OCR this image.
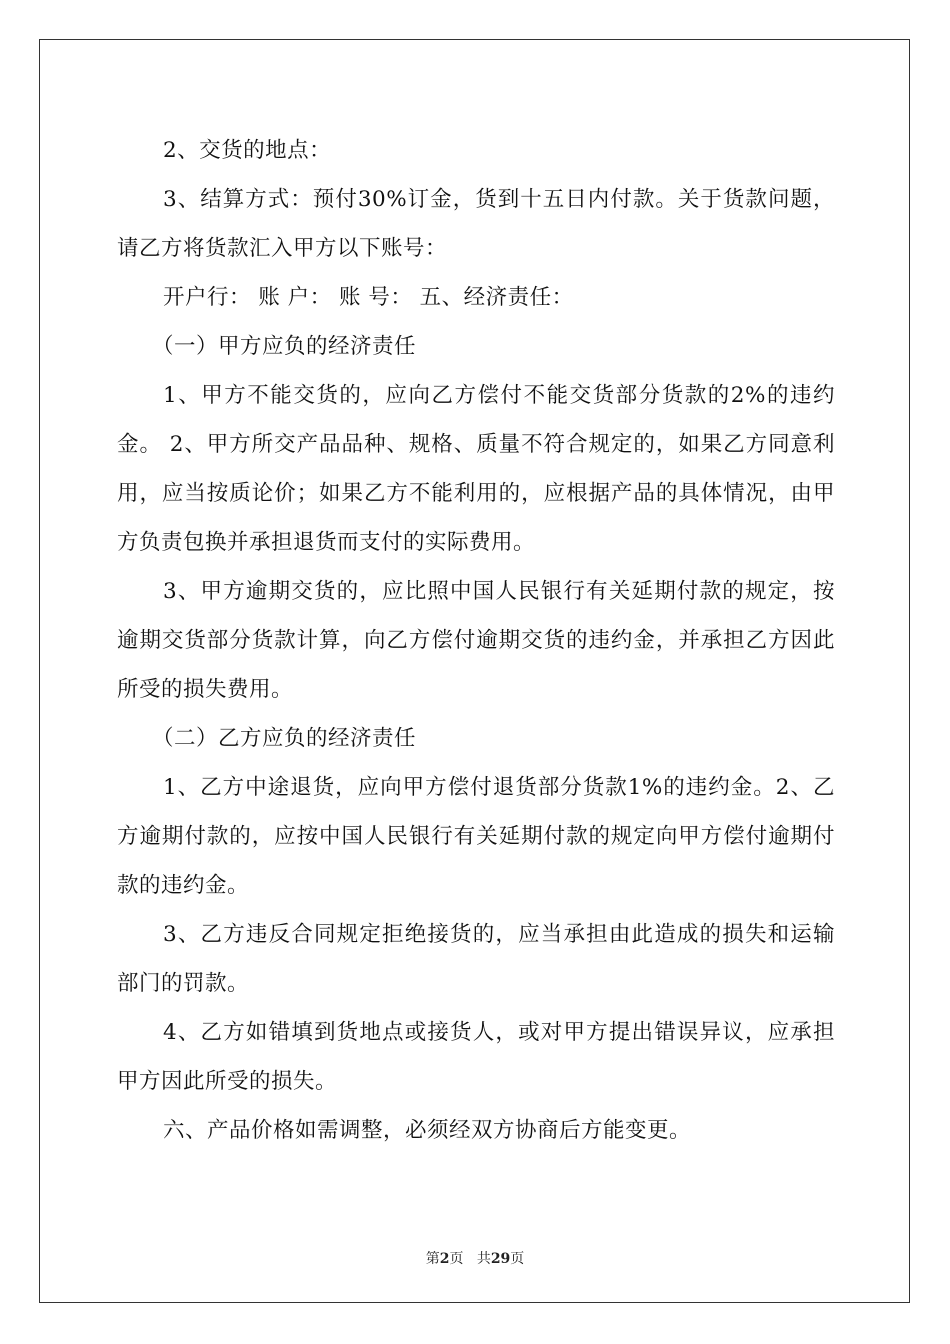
2、交货的地点：

3、结算方式：预付30%订金，货到十五日内付款。关于货款问题，请乙方将货款汇入甲方以下账号：

开户行： 账 户： 账 号： 五、经济责任：

（一）甲方应负的经济责任

1、甲方不能交货的，应向乙方偿付不能交货部分货款的2%的违约金。 2、甲方所交产品品种、规格、质量不符合规定的，如果乙方同意利用，应当按质论价；如果乙方不能利用的，应根据产品的具体情况，由甲方负责包换并承担退货而支付的实际费用。

3、甲方逾期交货的，应比照中国人民银行有关延期付款的规定，按逾期交货部分货款计算，向乙方偿付逾期交货的违约金，并承担乙方因此所受的损失费用。

（二）乙方应负的经济责任

1、乙方中途退货，应向甲方偿付退货部分货款1%的违约金。2、乙方逾期付款的，应按中国人民银行有关延期付款的规定向甲方偿付逾期付款的违约金。

3、乙方违反合同规定拒绝接货的，应当承担由此造成的损失和运输部门的罚款。

4、乙方如错填到货地点或接货人，或对甲方提出错误异议，应承担甲方因此所受的损失。

六、产品价格如需调整，必须经双方协商后方能变更。

第2页 共29页
